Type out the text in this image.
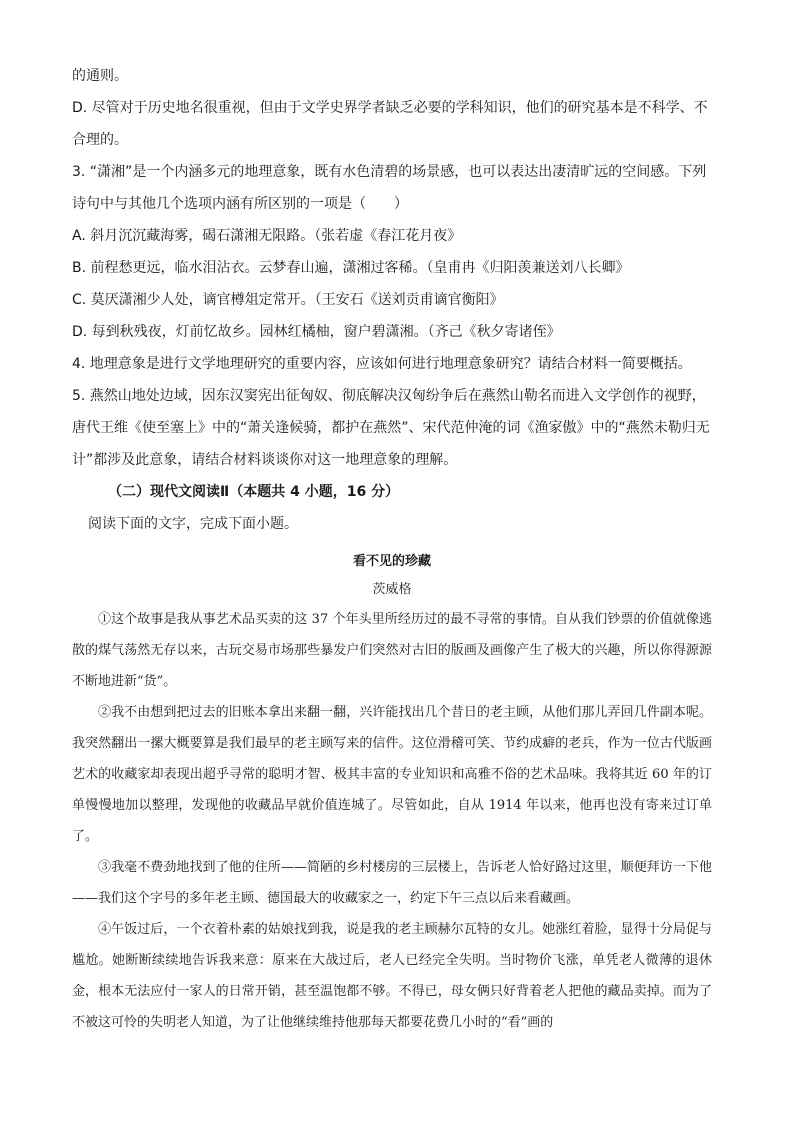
的通则。

D. 尽管对于历史地名很重视，但由于文学史界学者缺乏必要的学科知识，他们的研究基本是不科学、不合理的。

3. “潇湘”是一个内涵多元的地理意象，既有水色清碧的场景感，也可以表达出凄清旷远的空间感。下列诗句中与其他几个选项内涵有所区别的一项是（　　）

A. 斜月沉沉藏海雾，碣石潇湘无限路。（张若虚《春江花月夜》

B. 前程愁更远，临水泪沾衣。云梦春山遍，潇湘过客稀。（皇甫冉《归阳羡兼送刘八长卿》

C. 莫厌潇湘少人处，谪官樽俎定常开。（王安石《送刘贡甫谪官衡阳》

D. 每到秋残夜，灯前忆故乡。园林红橘柚，窗户碧潇湘。（齐己《秋夕寄诸侄》

4. 地理意象是进行文学地理研究的重要内容，应该如何进行地理意象研究？请结合材料一简要概括。

5. 燕然山地处边域，因东汉窦宪出征匈奴、彻底解决汉匈纷争后在燕然山勒名而进入文学创作的视野，唐代王维《使至塞上》中的“萧关逢候骑，都护在燕然”、宋代范仲淹的词《渔家傲》中的“燕然未勒归无计”都涉及此意象，请结合材料谈谈你对这一地理意象的理解。

（二）现代文阅读Ⅱ（本题共 4 小题，16 分）

阅读下面的文字，完成下面小题。

看不见的珍藏

茨威格

①这个故事是我从事艺术品买卖的这 37 个年头里所经历过的最不寻常的事情。自从我们钞票的价值就像逃散的煤气荡然无存以来，古玩交易市场那些暴发户们突然对古旧的版画及画像产生了极大的兴趣，所以你得源源不断地进新“货”。

②我不由想到把过去的旧账本拿出来翻一翻，兴许能找出几个昔日的老主顾，从他们那儿弄回几件副本呢。我突然翻出一摞大概要算是我们最早的老主顾写来的信件。这位滑稽可笑、节约成癖的老兵，作为一位古代版画艺术的收藏家却表现出超乎寻常的聪明才智、极其丰富的专业知识和高雅不俗的艺术品味。我将其近 60 年的订单慢慢地加以整理，发现他的收藏品早就价值连城了。尽管如此，自从 1914 年以来，他再也没有寄来过订单了。

③我毫不费劲地找到了他的住所——简陋的乡村楼房的三层楼上，告诉老人恰好路过这里，顺便拜访一下他——我们这个字号的多年老主顾、德国最大的收藏家之一，约定下午三点以后来看藏画。

④午饭过后，一个衣着朴素的姑娘找到我，说是我的老主顾赫尔瓦特的女儿。她涨红着脸，显得十分局促与尴尬。她断断续续地告诉我来意：原来在大战过后，老人已经完全失明。当时物价飞涨，单凭老人微薄的退休金，根本无法应付一家人的日常开销，甚至温饱都不够。不得已，母女俩只好背着老人把他的藏品卖掉。而为了不被这可怜的失明老人知道，为了让他继续维持他那每天都要花费几小时的“看”画的
